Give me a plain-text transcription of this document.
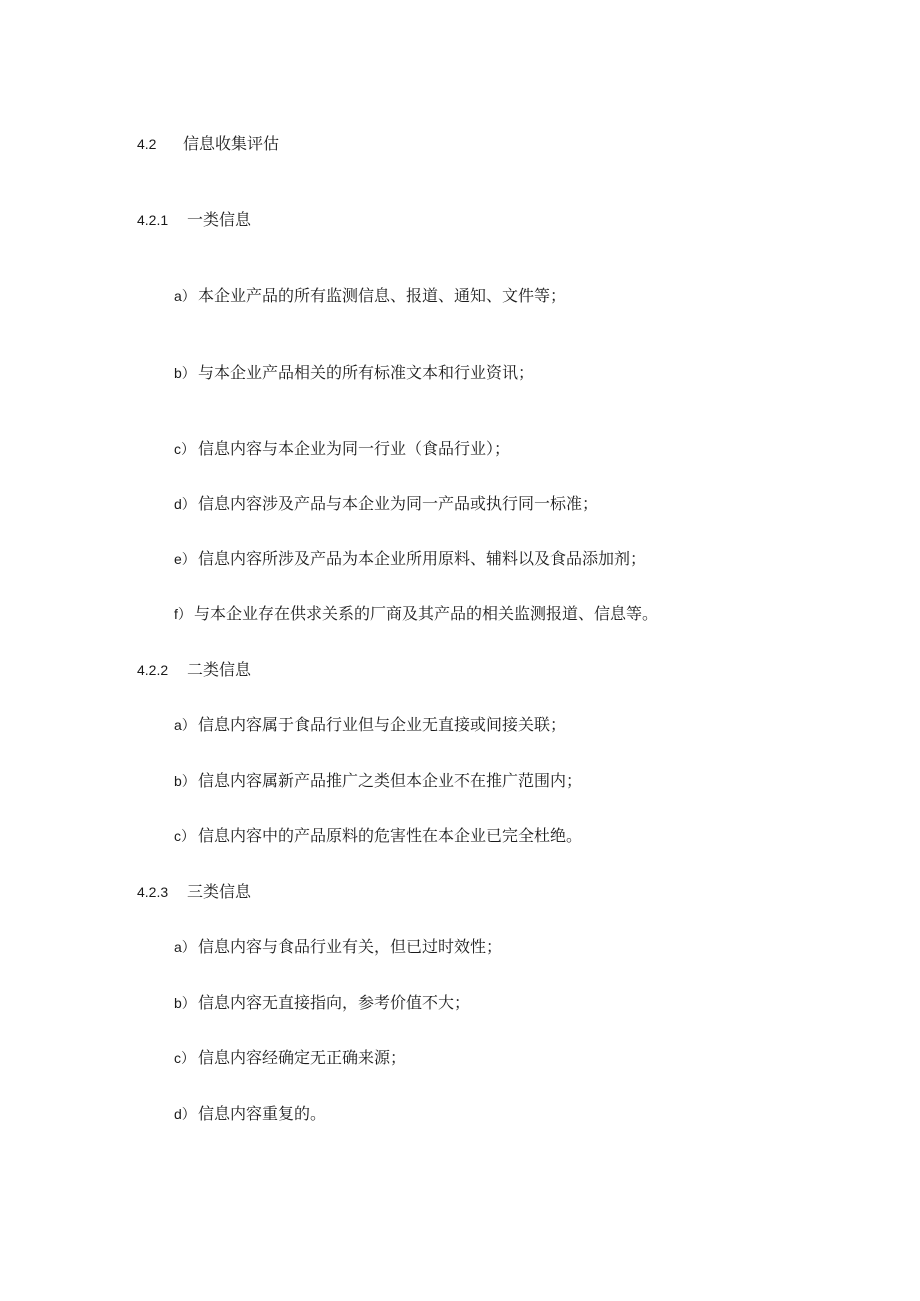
4.2 信息收集评估
4.2.1 一类信息
a） 本企业产品的所有监测信息、报道、通知、文件等；
b） 与本企业产品相关的所有标准文本和行业资讯；
c） 信息内容与本企业为同一行业（食品行业）；
d） 信息内容涉及产品与本企业为同一产品或执行同一标准；
e） 信息内容所涉及产品为本企业所用原料、辅料以及食品添加剂；
f） 与本企业存在供求关系的厂商及其产品的相关监测报道、信息等。
4.2.2 二类信息
a） 信息内容属于食品行业但与企业无直接或间接关联；
b） 信息内容属新产品推广之类但本企业不在推广范围内；
c） 信息内容中的产品原料的危害性在本企业已完全杜绝。
4.2.3 三类信息
a） 信息内容与食品行业有关，但已过时效性；
b） 信息内容无直接指向，参考价值不大；
c） 信息内容经确定无正确来源；
d） 信息内容重复的。
